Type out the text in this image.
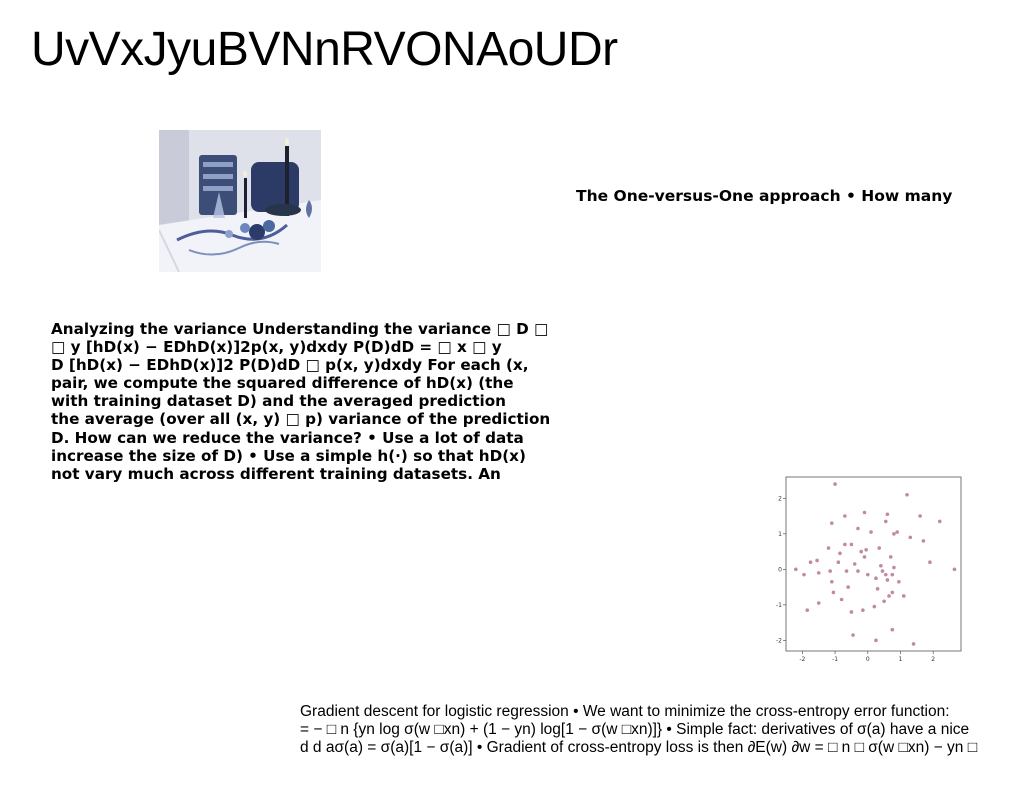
UvVxJyuBVNnRVONAoUDr
The One-versus-One approach • How many
Analyzing the variance Understanding the variance □ D □
□ y [hD(x) − EDhD(x)]2p(x, y)dxdy P(D)dD = □ x □ y
D [hD(x) − EDhD(x)]2 P(D)dD □ p(x, y)dxdy For each (x,
pair, we compute the squared difference of hD(x) (the
with training dataset D) and the averaged prediction
the average (over all (x, y) □ p) variance of the prediction
D. How can we reduce the variance? • Use a lot of data
increase the size of D) • Use a simple h(·) so that hD(x)
not vary much across different training datasets. An
-2	-1	0	1	2
2
1
0
-1
-2
Gradient descent for logistic regression • We want to minimize the cross-entropy error function:
= − □ n {yn log σ(w □xn) + (1 − yn) log[1 − σ(w □xn)]} • Simple fact: derivatives of σ(a) have a nice
d d aσ(a) = σ(a)[1 − σ(a)] • Gradient of cross-entropy loss is then ∂E(w) ∂w = □ n □ σ(w □xn) − yn □
